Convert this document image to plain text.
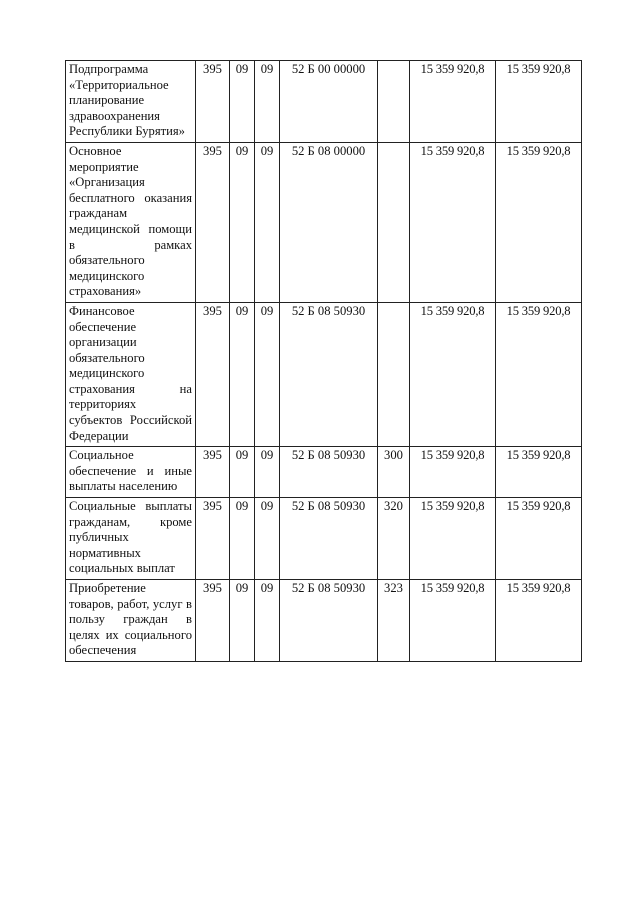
Подпрограмма «Территориальное планирование здравоохранения Республики Бурятия»	395	09	09	52 Б 00 00000		15 359 920,8	15 359 920,8
Основное мероприятие «Организация бесплатного оказания гражданам медицинской помощи в рамках обязательного медицинского страхования»	395	09	09	52 Б 08 00000		15 359 920,8	15 359 920,8
Финансовое обеспечение организации обязательного медицинского страхования на территориях субъектов Российской Федерации	395	09	09	52 Б 08 50930		15 359 920,8	15 359 920,8
Социальное обеспечение и иные выплаты населению	395	09	09	52 Б 08 50930	300	15 359 920,8	15 359 920,8
Социальные выплаты гражданам, кроме публичных нормативных социальных выплат	395	09	09	52 Б 08 50930	320	15 359 920,8	15 359 920,8
Приобретение товаров, работ, услуг в пользу граждан в целях их социального обеспечения	395	09	09	52 Б 08 50930	323	15 359 920,8	15 359 920,8
